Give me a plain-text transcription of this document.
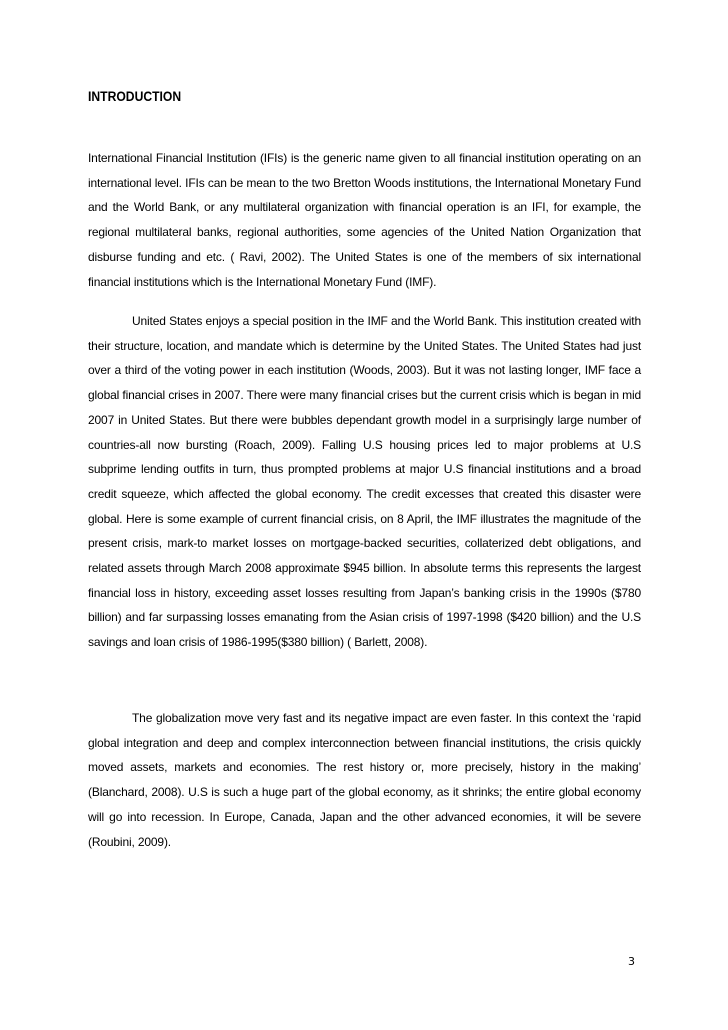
INTRODUCTION

International Financial Institution (IFIs) is the generic name given to all financial institution operating on an international level. IFIs can be mean to the two Bretton Woods institutions, the International Monetary Fund and the World Bank, or any multilateral organization with financial operation is an IFI, for example, the regional multilateral banks, regional authorities, some agencies of the United Nation Organization that disburse funding and etc. ( Ravi, 2002). The United States is one of the members of six international financial institutions which is the International Monetary Fund (IMF).

United States enjoys a special position in the IMF and the World Bank. This institution created with their structure, location, and mandate which is determine by the United States. The United States had just over a third of the voting power in each institution (Woods, 2003). But it was not lasting longer, IMF face a global financial crises in 2007. There were many financial crises but the current crisis which is began in mid 2007 in United States. But there were bubbles dependant growth model in a surprisingly large number of countries-all now bursting (Roach, 2009). Falling U.S housing prices led to major problems at U.S subprime lending outfits in turn, thus prompted problems at major U.S financial institutions and a broad credit squeeze, which affected the global economy. The credit excesses that created this disaster were global. Here is some example of current financial crisis, on 8 April, the IMF illustrates the magnitude of the present crisis, mark-to market losses on mortgage-backed securities, collaterized debt obligations, and related assets through March 2008 approximate $945 billion. In absolute terms this represents the largest financial loss in history, exceeding asset losses resulting from Japan’s banking crisis in the 1990s ($780 billion) and far surpassing losses emanating from the Asian crisis of 1997-1998 ($420 billion) and the U.S savings and loan crisis of 1986-1995($380 billion) ( Barlett, 2008).

The globalization move very fast and its negative impact are even faster. In this context the ‘rapid global integration and deep and complex interconnection between financial institutions, the crisis quickly moved assets, markets and economies. The rest history or, more precisely, history in the making’ (Blanchard, 2008). U.S is such a huge part of the global economy, as it shrinks; the entire global economy will go into recession. In Europe, Canada, Japan and the other advanced economies, it will be severe (Roubini, 2009).

3
